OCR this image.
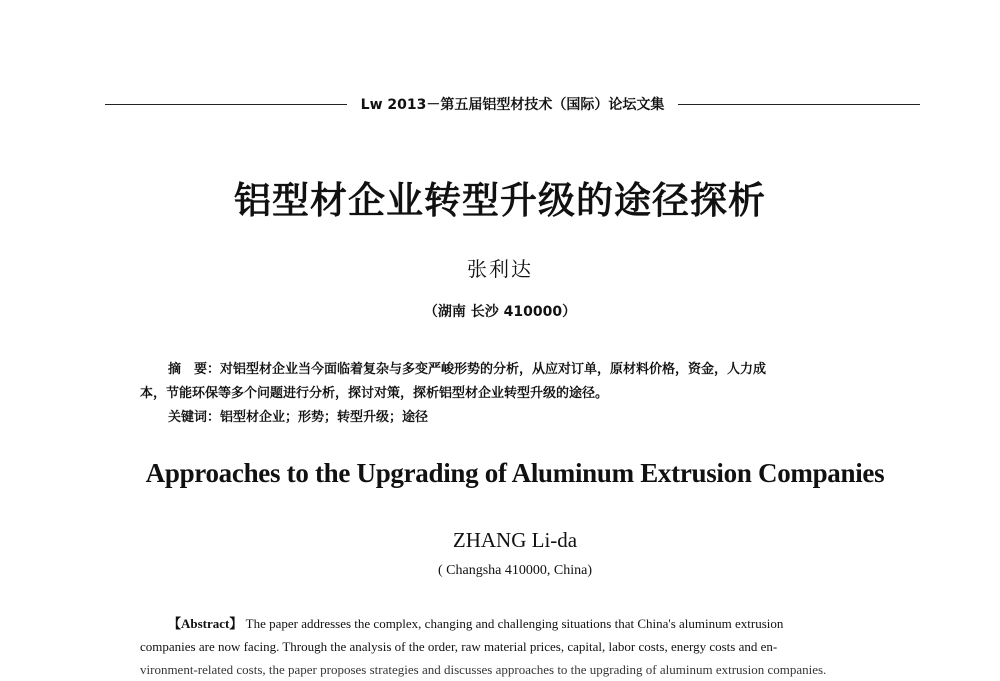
Lw 2013－第五届铝型材技术（国际）论坛文集
铝型材企业转型升级的途径探析
张利达
（湖南 长沙 410000）
摘　要：对铝型材企业当今面临着复杂与多变严峻形势的分析，从应对订单，原材料价格，资金，人力成
本，节能环保等多个问题进行分析，探讨对策，探析铝型材企业转型升级的途径。
关键词：铝型材企业；形势；转型升级；途径
Approaches to the Upgrading of Aluminum Extrusion Companies
ZHANG Li-da
( Changsha 410000, China)
【Abstract】 The paper addresses the complex, changing and challenging situations that China's aluminum extrusion
companies are now facing. Through the analysis of the order, raw material prices, capital, labor costs, energy costs and en-
vironment-related costs, the paper proposes strategies and discusses approaches to the upgrading of aluminum extrusion companies.
